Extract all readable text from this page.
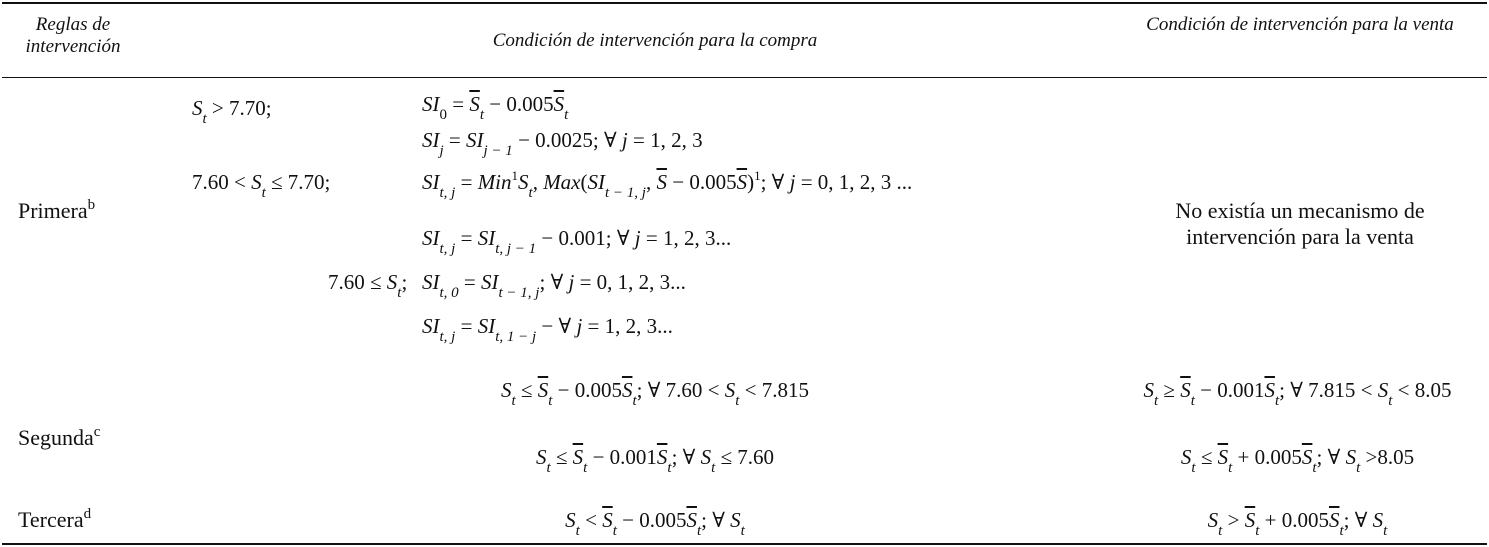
Reglas de intervención	Condición de intervención para la compra
Condición de intervención para la venta
Primera$^b$
Segunda$^c$
Tercera$^d$
$S_t > 7.70$;
$7.60 < S_t \le 7.70$;
$7.60 \le S_t$;
$SI_0 = \overline{S}_t - 0.005\overline{S}_t$
$SI_j = SI_{j - 1} - 0.0025$; ∀ j = 1, 2, 3
$SI_{t, j} = Min^1S_t$, $Max(SI_{t - 1, j}$, $\overline{S} - 0.005\overline{S})^1$; ∀ j = 0, 1, 2, 3 ...
$SI_{t, j} = SI_{t, j - 1} - 0.001$; ∀ j = 1, 2, 3...
$SI_{t, 0} = SI_{t - 1, j}$; ∀ j = 0, 1, 2, 3...
$SI_{t, j} = SI_{t, 1 - j}$ − ∀ j = 1, 2, 3...
No existía un mecanismo de intervención para la venta
$S_t \le \overline{S}_t - 0.005\overline{S}_t$; ∀ $7.60 < S_t < 7.815$
$S_t \le \overline{S}_t - 0.001\overline{S}_t$; ∀ $S_t \le 7.60$
$S_t \ge \overline{S}_t - 0.001\overline{S}_t$; ∀ $7.815 < S_t < 8.05$
$S_t \le \overline{S}_t + 0.005\overline{S}_t$; ∀ $S_t >8.05$
$S_t < \overline{S}_t - 0.005\overline{S}_t$; ∀ $S_t$	$S_t > \overline{S}_t + 0.005\overline{S}_t$; ∀ $S_t$
